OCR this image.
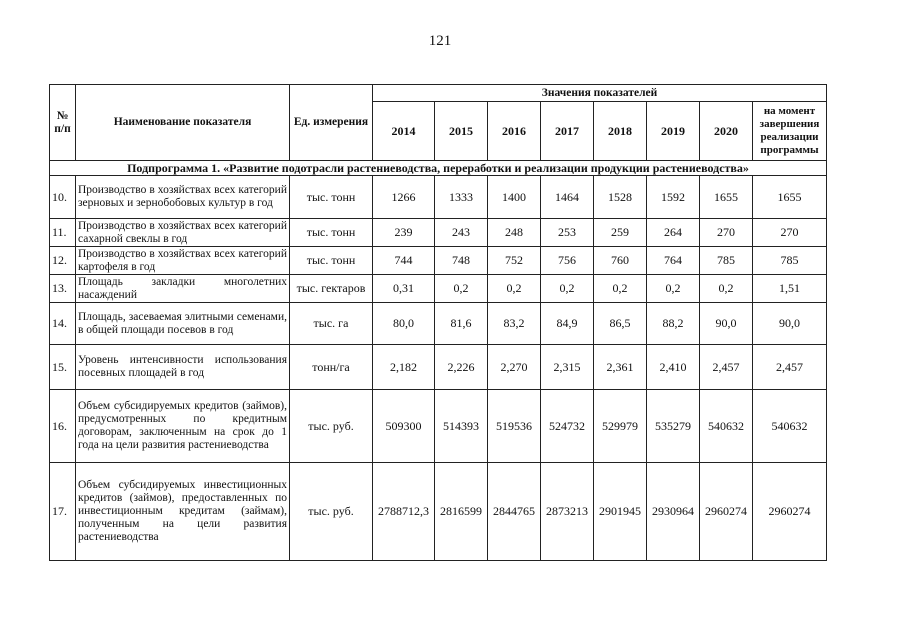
121
№ п/п	Наименование показателя	Ед. измерения	Значения показателей							
			2014	2015	2016	2017	2018	2019	2020	на момент завершения реализации программы
Подпрограмма 1. «Развитие подотрасли растениеводства, переработки и реализации продукции растениеводства»										
10.	Производство в хозяйствах всех категорий зерновых и зернобобовых культур в год	тыс. тонн	1266	1333	1400	1464	1528	1592	1655	1655
11.	Производство в хозяйствах всех категорий сахарной свеклы в год	тыс. тонн	239	243	248	253	259	264	270	270
12.	Производство в хозяйствах всех категорий картофеля в год	тыс. тонн	744	748	752	756	760	764	785	785
13.	Площадь закладки многолетних насаждений	тыс. гектаров	0,31	0,2	0,2	0,2	0,2	0,2	0,2	1,51
14.	Площадь, засеваемая элитными семенами, в общей площади посевов в год	тыс. га	80,0	81,6	83,2	84,9	86,5	88,2	90,0	90,0
15.	Уровень интенсивности использования посевных площадей в год	тонн/га	2,182	2,226	2,270	2,315	2,361	2,410	2,457	2,457
16.	Объем субсидируемых кредитов (займов), предусмотренных по кредитным договорам, заключенным на срок до 1 года на цели развития растениеводства	тыс. руб.	509300	514393	519536	524732	529979	535279	540632	540632
17.	Объем субсидируемых инвестиционных кредитов (займов), предоставленных по инвестиционным кредитам (займам), полученным на цели развития растениеводства	тыс. руб.	2788712,3	2816599	2844765	2873213	2901945	2930964	2960274	2960274
